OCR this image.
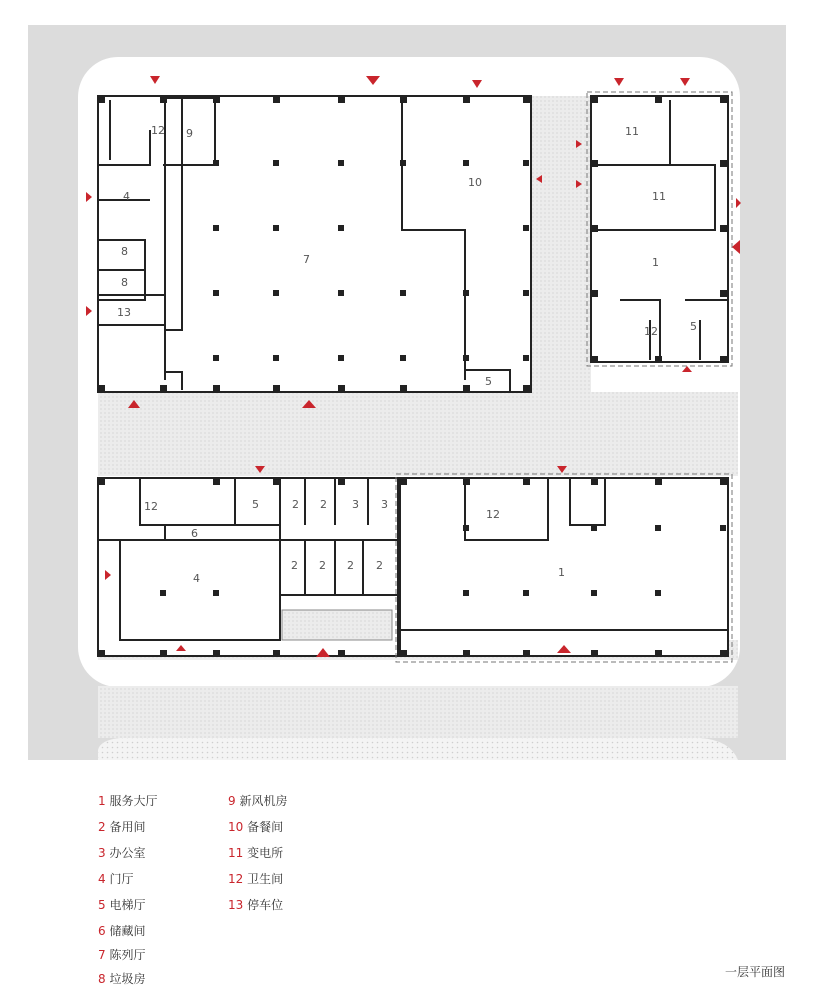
7
10
9
12
8
8
13
4
5
11
11
1
12	5
12	5
6
2 2 3 3
2 2 2 2
4
12
1
1 服务大厅
2 备用间
3 办公室
4 门厅
5 电梯厅
6 储藏间
7 陈列厅
8 垃圾房
9 新风机房
10 备餐间
11 变电所
12 卫生间
13 停车位
一层平面图
